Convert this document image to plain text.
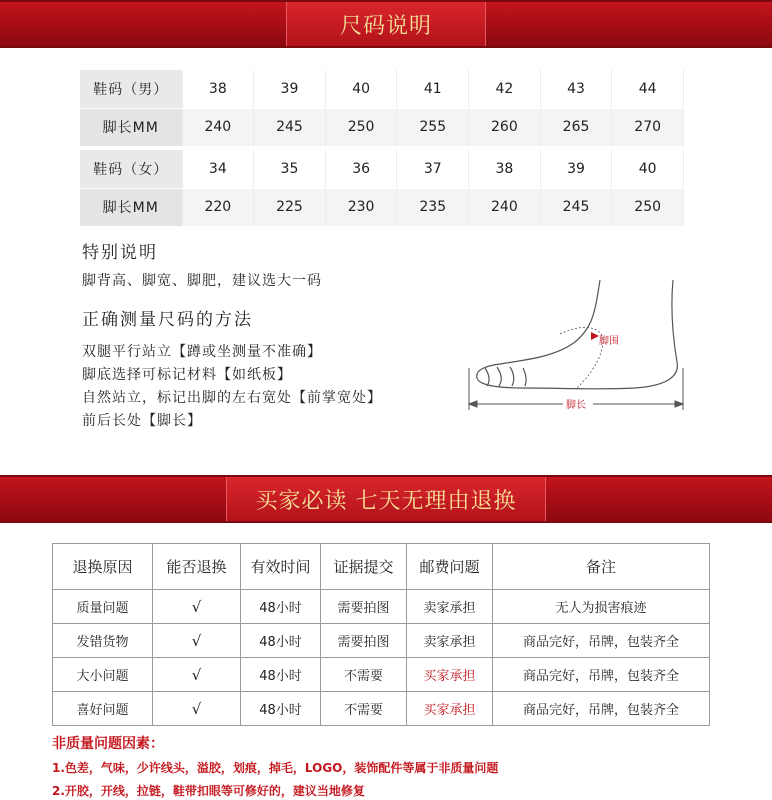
尺码说明
鞋码（男）	38	39	40	41	42	43	44
脚长MM	240	245	250	255	260	265	270

鞋码（女）	34	35	36	37	38	39	40
脚长MM	220	225	230	235	240	245	250
特别说明
脚背高、脚宽、脚肥，建议选大一码
正确测量尺码的方法
双腿平行站立【蹲或坐测量不准确】
脚底选择可标记材料【如纸板】
自然站立，标记出脚的左右宽处【前掌宽处】
前后长处【脚长】
脚围
脚长
买家必读 七天无理由退换
退换原因	能否退换	有效时间	证据提交	邮费问题	备注
质量问题	√	48小时	需要拍图	卖家承担	无人为损害痕迹
发错货物	√	48小时	需要拍图	卖家承担	商品完好，吊牌，包装齐全
大小问题	√	48小时	不需要	买家承担	商品完好，吊牌，包装齐全
喜好问题	√	48小时	不需要	买家承担	商品完好，吊牌，包装齐全
非质量问题因素：
1.色差，气味，少许线头，溢胶，划痕，掉毛，LOGO，装饰配件等属于非质量问题
2.开胶，开线，拉链，鞋带扣眼等可修好的，建议当地修复
